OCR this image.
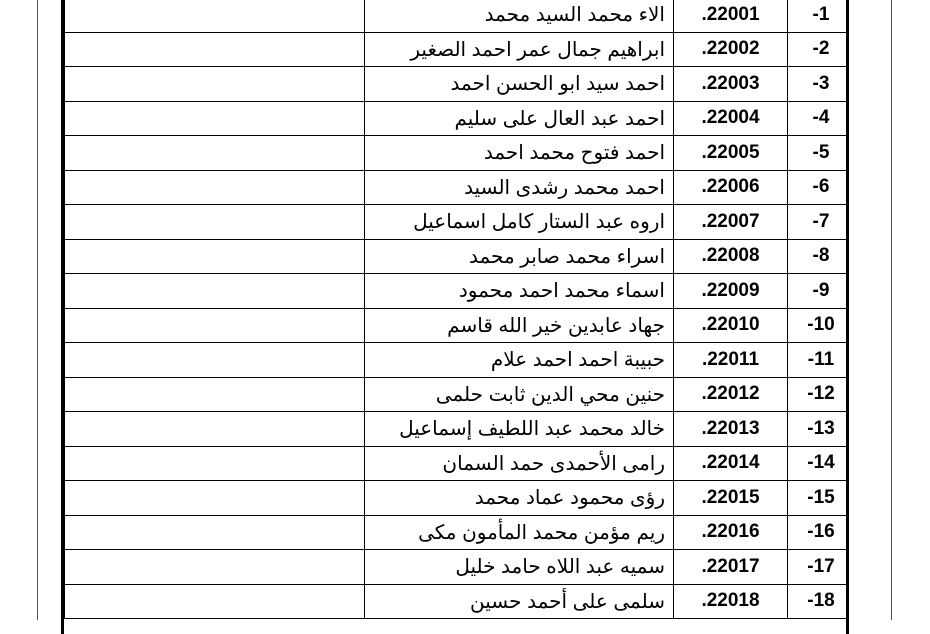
	الاء محمد السيد محمد	.22001	-1
	ابراهيم جمال عمر احمد الصغير	.22002	-2
	احمد سيد ابو الحسن احمد	.22003	-3
	احمد عبد العال على سليم	.22004	-4
	احمد فتوح محمد احمد	.22005	-5
	احمد محمد رشدى السيد	.22006	-6
	اروه عبد الستار كامل اسماعيل	.22007	-7
	اسراء محمد صابر محمد	.22008	-8
	اسماء محمد احمد محمود	.22009	-9
	جهاد عابدين خير الله قاسم	.22010	-10
	حبيبة احمد احمد علام	.22011	-11
	حنين محي الدين ثابت حلمى	.22012	-12
	خالد محمد عبد اللطيف إسماعيل	.22013	-13
	رامى الأحمدى حمد السمان	.22014	-14
	رؤى محمود عماد محمد	.22015	-15
	ريم مؤمن محمد المأمون مكى	.22016	-16
	سميه عبد اللاه حامد خليل	.22017	-17
	سلمى على أحمد حسين	.22018	-18
